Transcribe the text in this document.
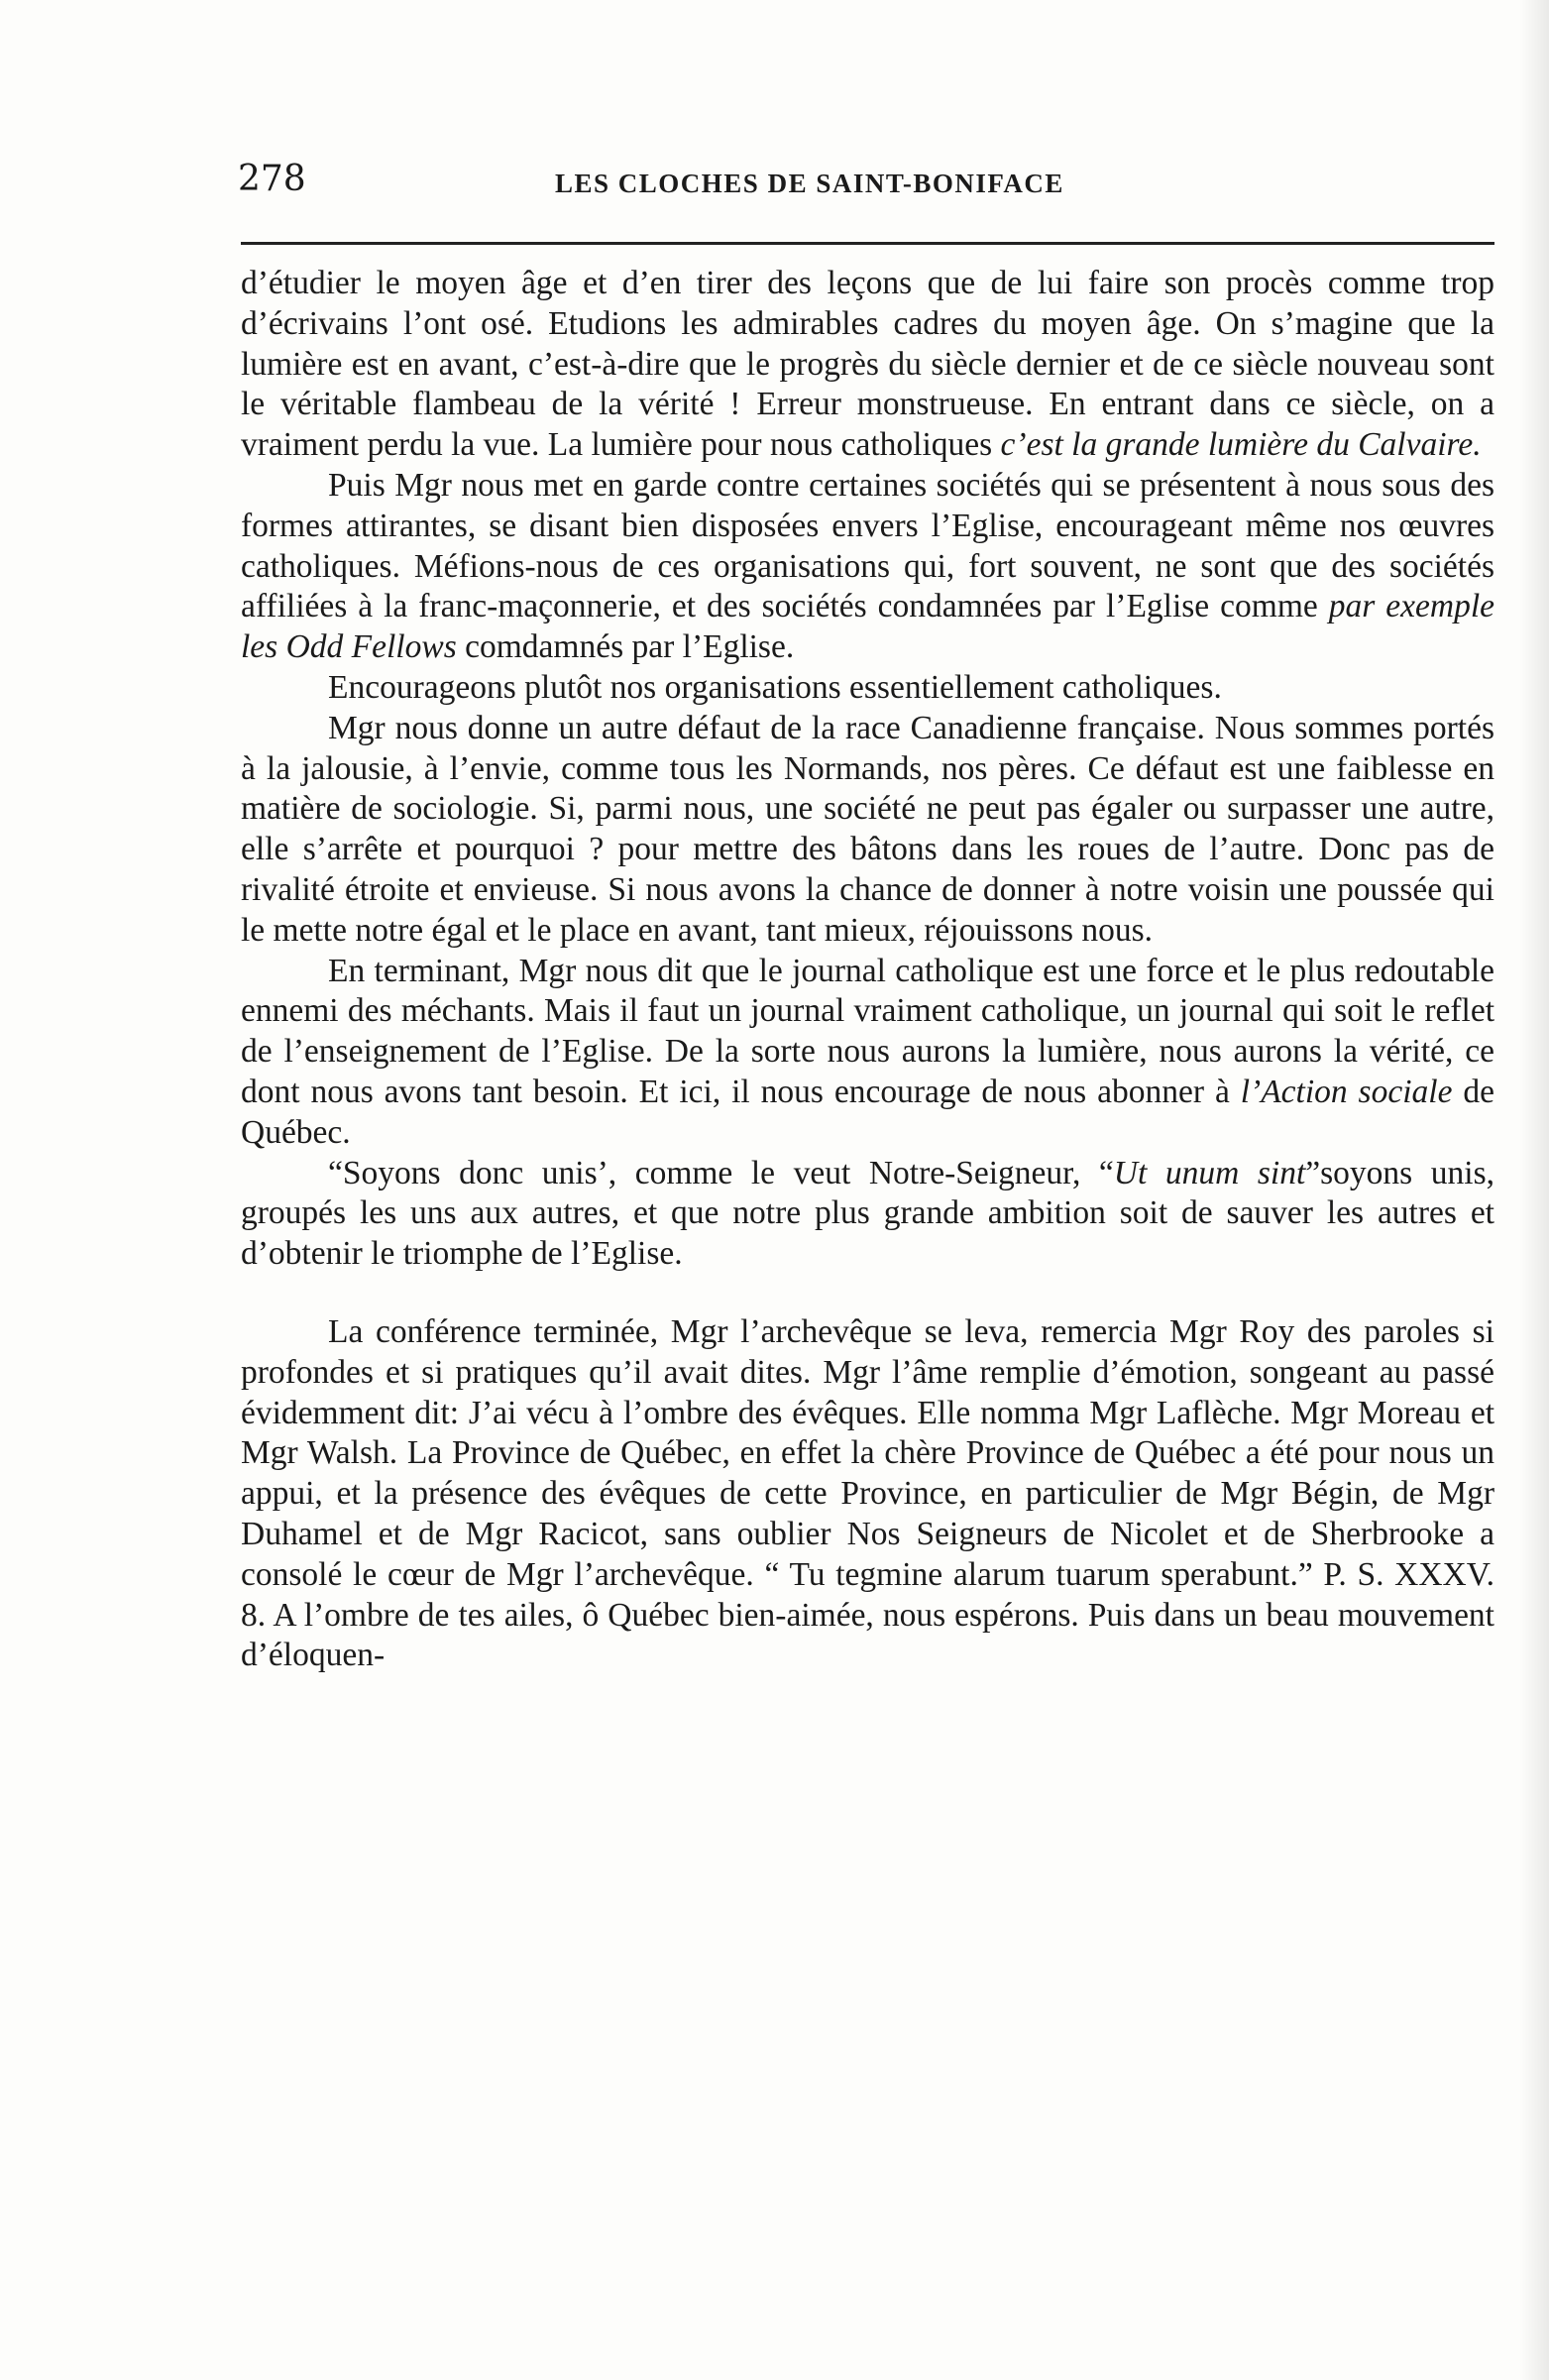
278	LES CLOCHES DE SAINT-BONIFACE

d’étudier le moyen âge et d’en tirer des leçons que de lui faire son procès comme trop d’écrivains l’ont osé. Etudions les admirables cadres du moyen âge. On s’magine que la lumière est en avant, c’est-à-dire que le progrès du siècle dernier et de ce siècle nouveau sont le véritable flambeau de la vérité ! Erreur monstrueuse. En entrant dans ce siècle, on a vraiment perdu la vue. La lumière pour nous catholiques c’est la grande lumière du Calvaire.

Puis Mgr nous met en garde contre certaines sociétés qui se présentent à nous sous des formes attirantes, se disant bien disposées envers l’Eglise, encourageant même nos œuvres catholiques. Méfions-nous de ces organisations qui, fort souvent, ne sont que des sociétés affiliées à la franc-maçonnerie, et des sociétés condamnées par l’Eglise comme par exemple les Odd Fellows comdamnés par l’Eglise.

Encourageons plutôt nos organisations essentiellement catholiques.

Mgr nous donne un autre défaut de la race Canadienne française. Nous sommes portés à la jalousie, à l’envie, comme tous les Normands, nos pères. Ce défaut est une faiblesse en matière de sociologie. Si, parmi nous, une société ne peut pas égaler ou surpasser une autre, elle s’arrête et pourquoi ? pour mettre des bâtons dans les roues de l’autre. Donc pas de rivalité étroite et envieuse. Si nous avons la chance de donner à notre voisin une poussée qui le mette notre égal et le place en avant, tant mieux, réjouissons nous.

En terminant, Mgr nous dit que le journal catholique est une force et le plus redoutable ennemi des méchants. Mais il faut un journal vraiment catholique, un journal qui soit le reflet de l’enseignement de l’Eglise. De la sorte nous aurons la lumière, nous aurons la vérité, ce dont nous avons tant besoin. Et ici, il nous encourage de nous abonner à l’Action sociale de Québec.

“Soyons donc unis’, comme le veut Notre-Seigneur, “Ut unum sint”soyons unis, groupés les uns aux autres, et que notre plus grande ambition soit de sauver les autres et d’obtenir le triomphe de l’Eglise.

La conférence terminée, Mgr l’archevêque se leva, remercia Mgr Roy des paroles si profondes et si pratiques qu’il avait dites. Mgr l’âme remplie d’émotion, songeant au passé évidemment dit: J’ai vécu à l’ombre des évêques. Elle nomma Mgr Laflèche. Mgr Moreau et Mgr Walsh. La Province de Québec, en effet la chère Province de Québec a été pour nous un appui, et la présence des évêques de cette Province, en particulier de Mgr Bégin, de Mgr Duhamel et de Mgr Racicot, sans oublier Nos Seigneurs de Nicolet et de Sherbrooke a consolé le cœur de Mgr l’archevêque. “ Tu tegmine alarum tuarum sperabunt.” P. S. XXXV. 8. A l’ombre de tes ailes, ô Québec bien-aimée, nous espérons. Puis dans un beau mouvement d’éloquen-
